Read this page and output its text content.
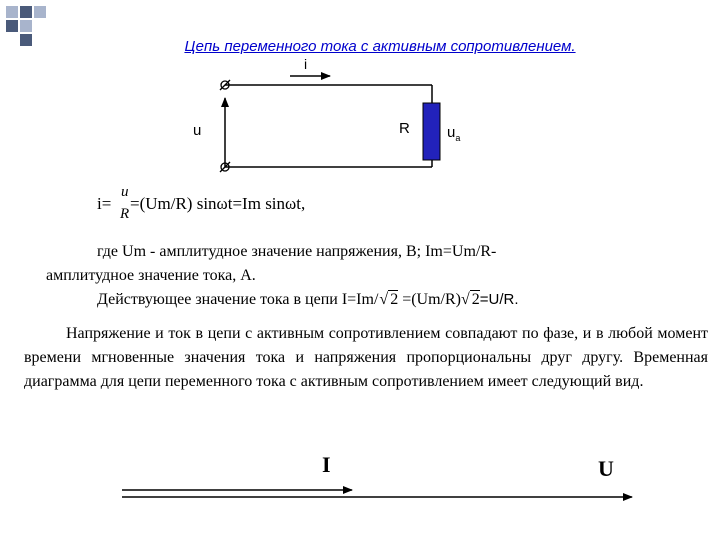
Цепь переменного тока с активным сопротивлением.
i
u	R $u_a$
i=
u
R
=(Um/R) sinωt=Im sinωt,
где Um - амплитудное значение напряжения, В; Im=Um/R-
амплитудное значение тока, А.
Действующее значение тока в цепи I=Im/√ 2 =(Um/R)√ 2=U/R.
Напряжение и ток в цепи с активным сопротивлением совпадают по фазе, и в любой момент времени мгновенные значения тока и напряжения пропорциональны друг другу. Временная диаграмма для цепи переменного тока с активным сопротивлением имеет следующий вид.
I	U
